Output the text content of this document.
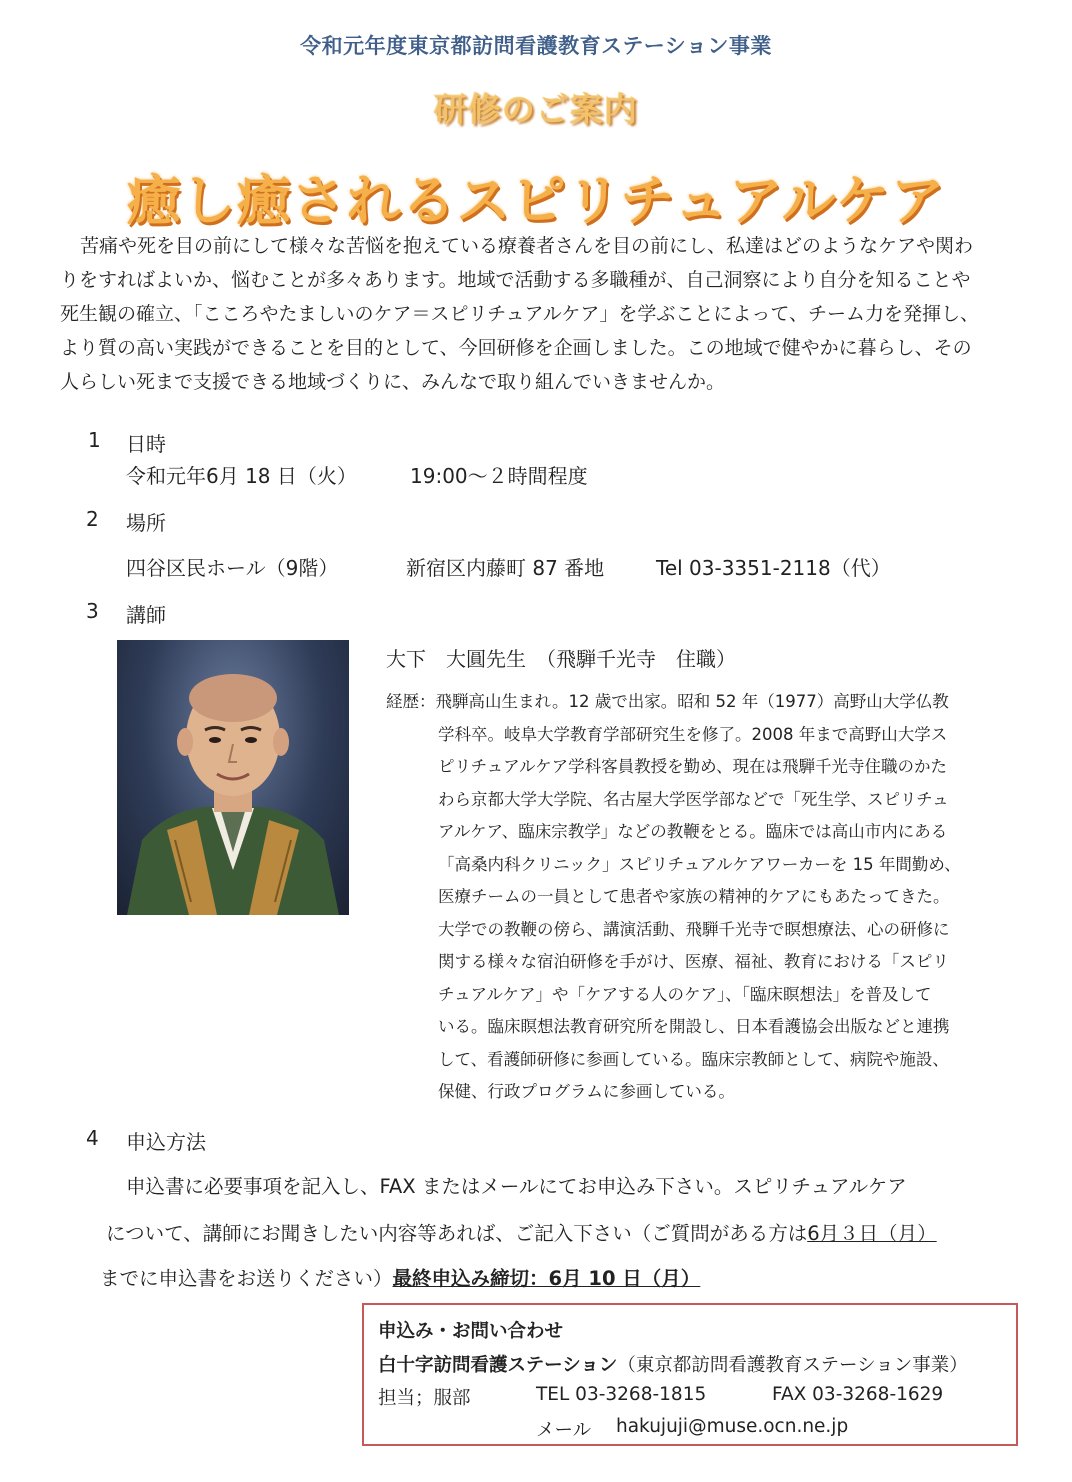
令和元年度東京都訪問看護教育ステーション事業
研修のご案内
癒し癒されるスピリチュアルケア
苦痛や死を目の前にして様々な苦悩を抱えている療養者さんを目の前にし、私達はどのようなケアや関わ
りをすればよいか、悩むことが多々あります。地域で活動する多職種が、自己洞察により自分を知ることや
死生観の確立、「こころやたましいのケア＝スピリチュアルケア」を学ぶことによって、チーム力を発揮し、
より質の高い実践ができることを目的として、今回研修を企画しました。この地域で健やかに暮らし、その
人らしい死まで支援できる地域づくりに、みんなで取り組んでいきませんか。
1 日時
令和元年6月 18 日（火）	19:00～２時間程度
2 場所
四谷区民ホール（9階）	新宿区内藤町 87 番地	Tel 03-3351-2118（代）
3 講師
大下　大圓先生　（飛騨千光寺　住職）
経歴：飛騨高山生まれ。12 歳で出家。昭和 52 年（1977）高野山大学仏教
学科卒。岐阜大学教育学部研究生を修了。2008 年まで高野山大学ス
ピリチュアルケア学科客員教授を勤め、現在は飛騨千光寺住職のかた
わら京都大学大学院、名古屋大学医学部などで「死生学、スピリチュ
アルケア、臨床宗教学」などの教鞭をとる。臨床では高山市内にある
「高桑内科クリニック」スピリチュアルケアワーカーを 15 年間勤め、
医療チームの一員として患者や家族の精神的ケアにもあたってきた。
大学での教鞭の傍ら、講演活動、飛騨千光寺で瞑想療法、心の研修に
関する様々な宿泊研修を手がけ、医療、福祉、教育における「スピリ
チュアルケア」や「ケアする人のケア」、「臨床瞑想法」を普及して
いる。臨床瞑想法教育研究所を開設し、日本看護協会出版などと連携
して、看護師研修に参画している。臨床宗教師として、病院や施設、
保健、行政プログラムに参画している。
4 申込方法
申込書に必要事項を記入し、FAX またはメールにてお申込み下さい。スピリチュアルケア
について、講師にお聞きしたい内容等あれば、ご記入下さい（ご質問がある方は6月３日（月）
までに申込書をお送りください）最終申込み締切：6月 10 日（月）
申込み・お問い合わせ
白十字訪問看護ステーション（東京都訪問看護教育ステーション事業）
担当；服部	TEL 03-3268-1815	FAX 03-3268-1629
メール hakujuji@muse.ocn.ne.jp
